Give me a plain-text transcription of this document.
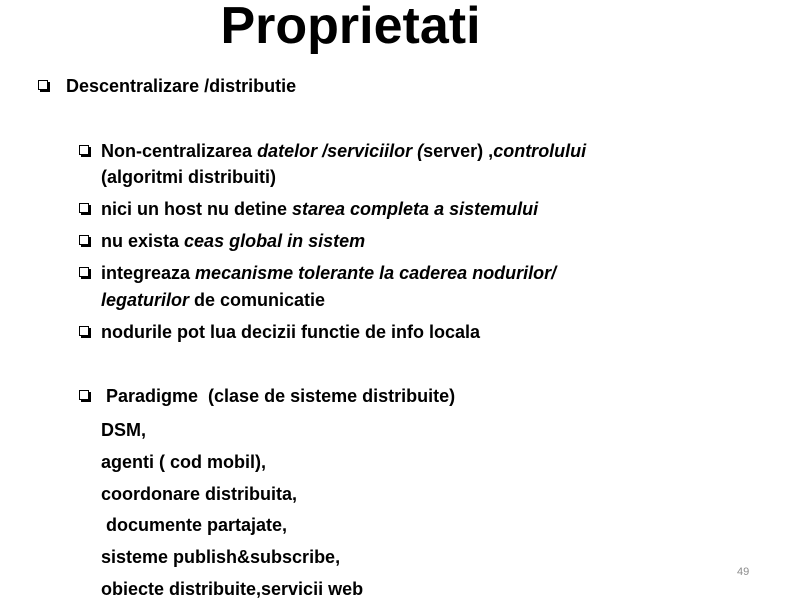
Proprietati

Descentralizare /distributie

Non-centralizarea datelor /serviciilor (server) ,controlului

(algoritmi distribuiti)

nici un host nu detine starea completa a sistemului

nu exista ceas global in sistem

integreaza mecanisme tolerante la caderea nodurilor/

legaturilor de comunicatie

nodurile pot lua decizii functie de info locala

Paradigme  (clase de sisteme distribuite)

DSM,

agenti ( cod mobil),

coordonare distribuita,

documente partajate,

sisteme publish&subscribe,

obiecte distribuite,servicii web

49
